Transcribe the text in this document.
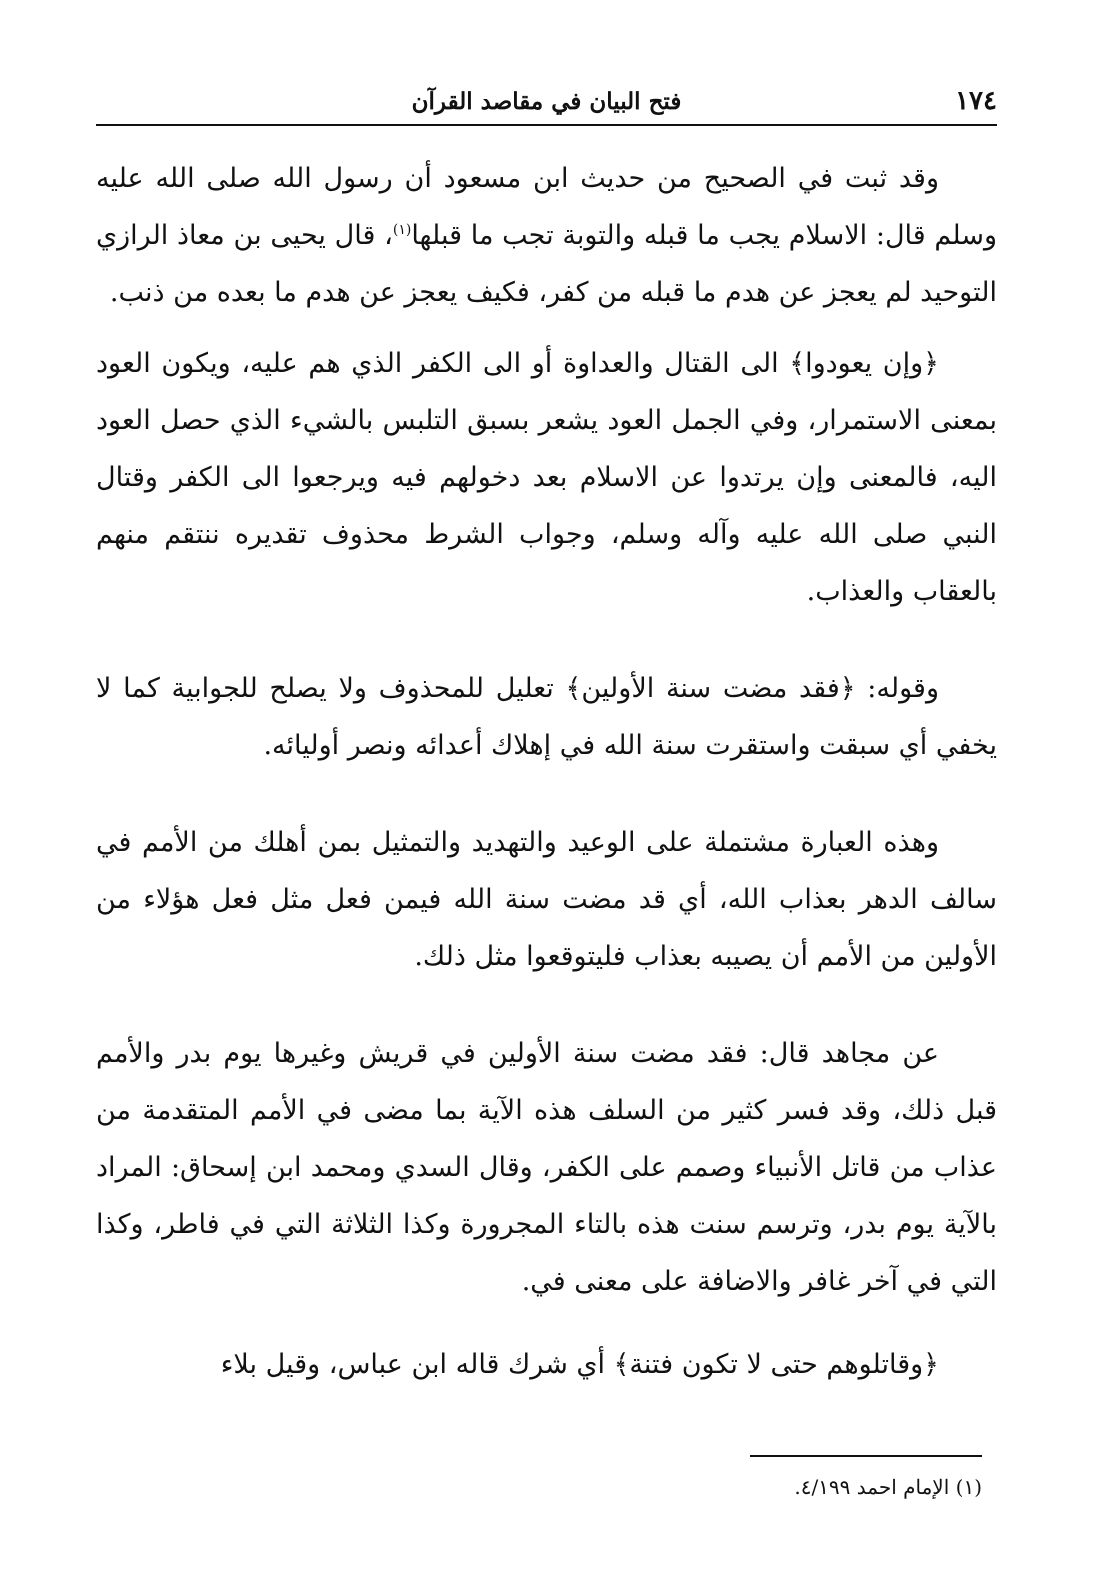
١٧٤
فتح البيان في مقاصد القرآن

وقد ثبت في الصحيح من حديث ابن مسعود أن رسول الله صلى الله عليه وسلم قال: الاسلام يجب ما قبله والتوبة تجب ما قبلها$^{(١)}$، قال يحيى بن معاذ الرازي التوحيد لم يعجز عن هدم ما قبله من كفر، فكيف يعجز عن هدم ما بعده من ذنب.

﴿وإن يعودوا﴾ الى القتال والعداوة أو الى الكفر الذي هم عليه، ويكون العود بمعنى الاستمرار، وفي الجمل العود يشعر بسبق التلبس بالشيء الذي حصل العود اليه، فالمعنى وإن يرتدوا عن الاسلام بعد دخولهم فيه ويرجعوا الى الكفر وقتال النبي صلى الله عليه وآله وسلم، وجواب الشرط محذوف تقديره ننتقم منهم بالعقاب والعذاب.

وقوله: ﴿فقد مضت سنة الأولين﴾ تعليل للمحذوف ولا يصلح للجوابية كما لا يخفي أي سبقت واستقرت سنة الله في إهلاك أعدائه ونصر أوليائه.

وهذه العبارة مشتملة على الوعيد والتهديد والتمثيل بمن أهلك من الأمم في سالف الدهر بعذاب الله، أي قد مضت سنة الله فيمن فعل مثل فعل هؤلاء من الأولين من الأمم أن يصيبه بعذاب فليتوقعوا مثل ذلك.

عن مجاهد قال: فقد مضت سنة الأولين في قريش وغيرها يوم بدر والأمم قبل ذلك، وقد فسر كثير من السلف هذه الآية بما مضى في الأمم المتقدمة من عذاب من قاتل الأنبياء وصمم على الكفر، وقال السدي ومحمد ابن إسحاق: المراد بالآية يوم بدر، وترسم سنت هذه بالتاء المجرورة وكذا الثلاثة التي في فاطر، وكذا التي في آخر غافر والاضافة على معنى في.

﴿وقاتلوهم حتى لا تكون فتنة﴾ أي شرك قاله ابن عباس، وقيل بلاء

(١) الإمام احمد ٤/١٩٩.
